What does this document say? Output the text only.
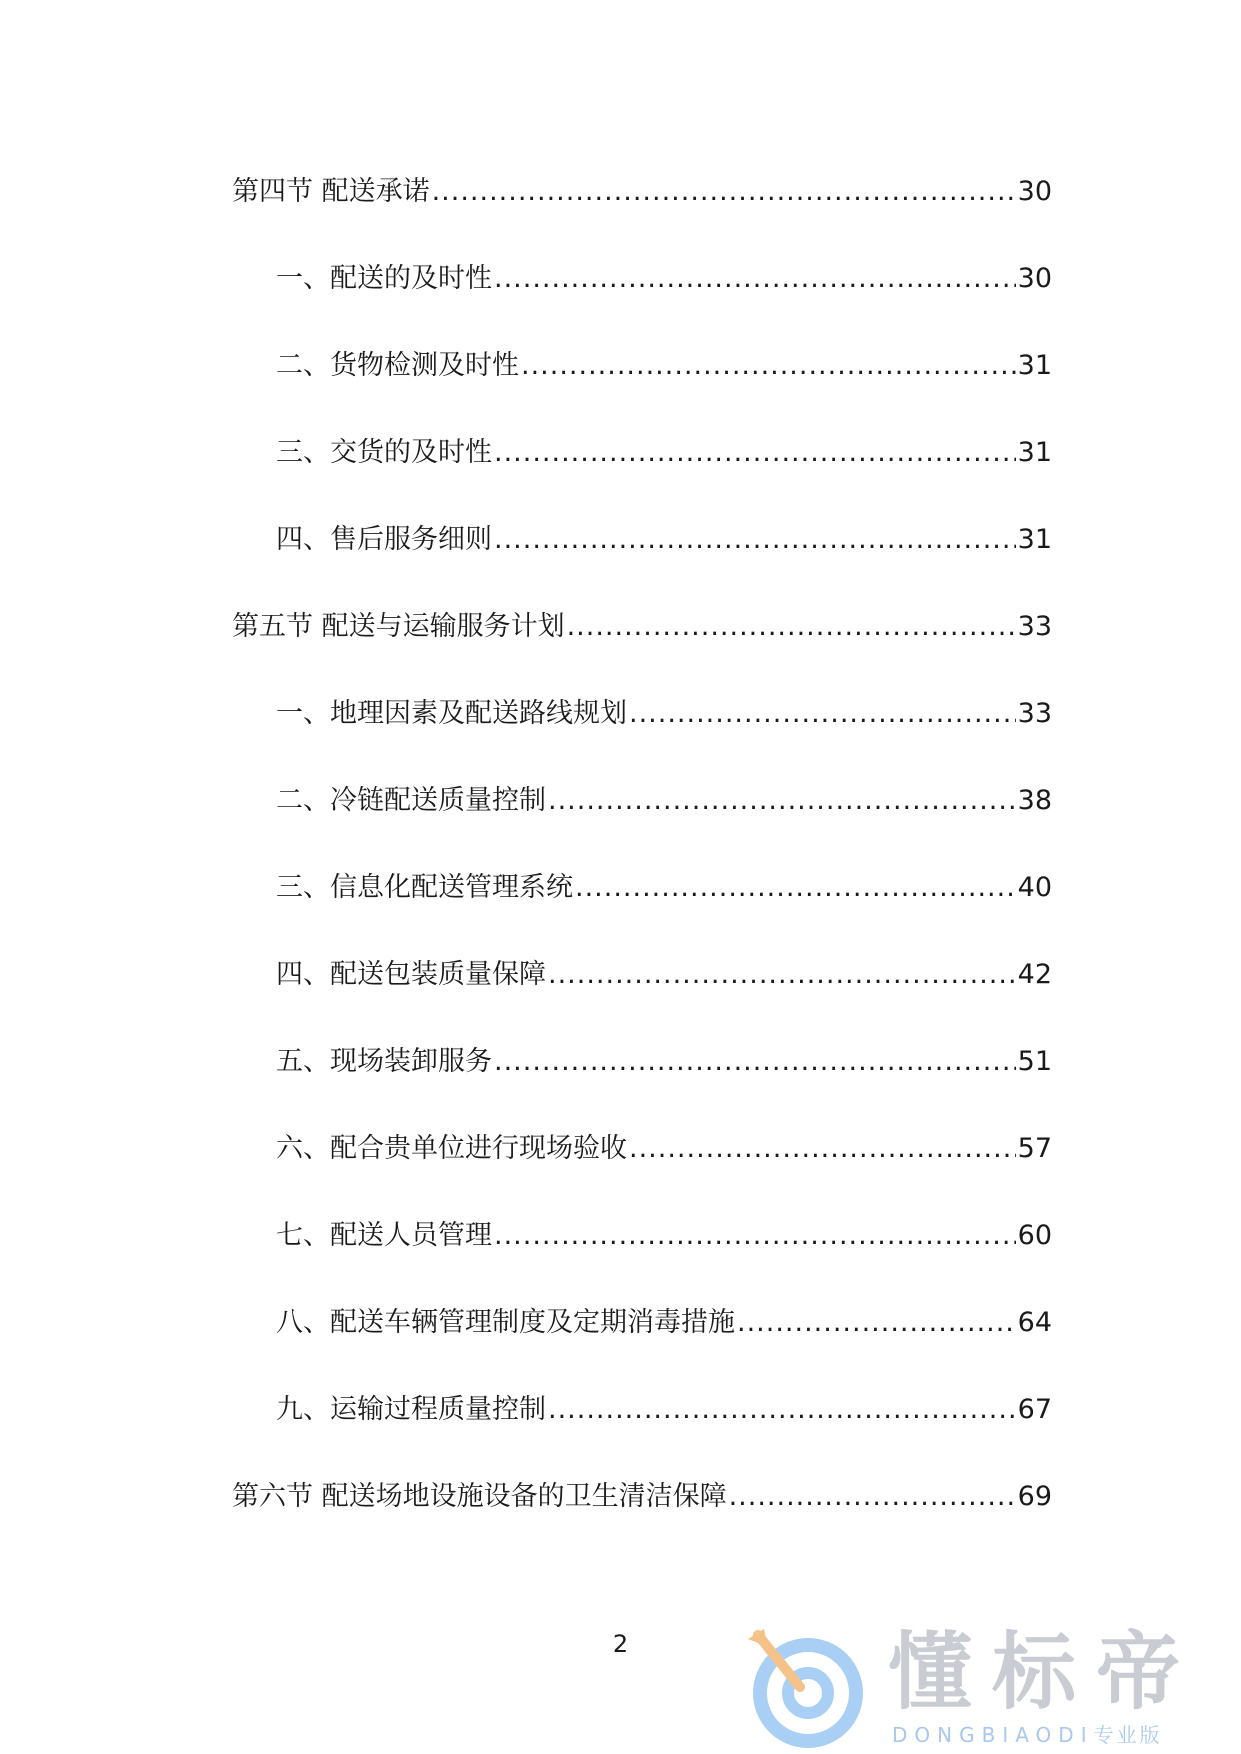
第四节 配送承诺 .....	30
一、配送的及时性 .....	30
二、货物检测及时性 .....	31
三、交货的及时性 .....	31
四、售后服务细则 .....	31
第五节 配送与运输服务计划 .....	33
一、地理因素及配送路线规划 .....	33
二、冷链配送质量控制 .....	38
三、信息化配送管理系统 .....	40
四、配送包装质量保障 .....	42
五、现场装卸服务 .....	51
六、配合贵单位进行现场验收 .....	57
七、配送人员管理 .....	60
八、配送车辆管理制度及定期消毒措施 .....	64
九、运输过程质量控制 .....	67
第六节 配送场地设施设备的卫生清洁保障 .....	69
2	懂标帝
DONGBIAODI专业版
